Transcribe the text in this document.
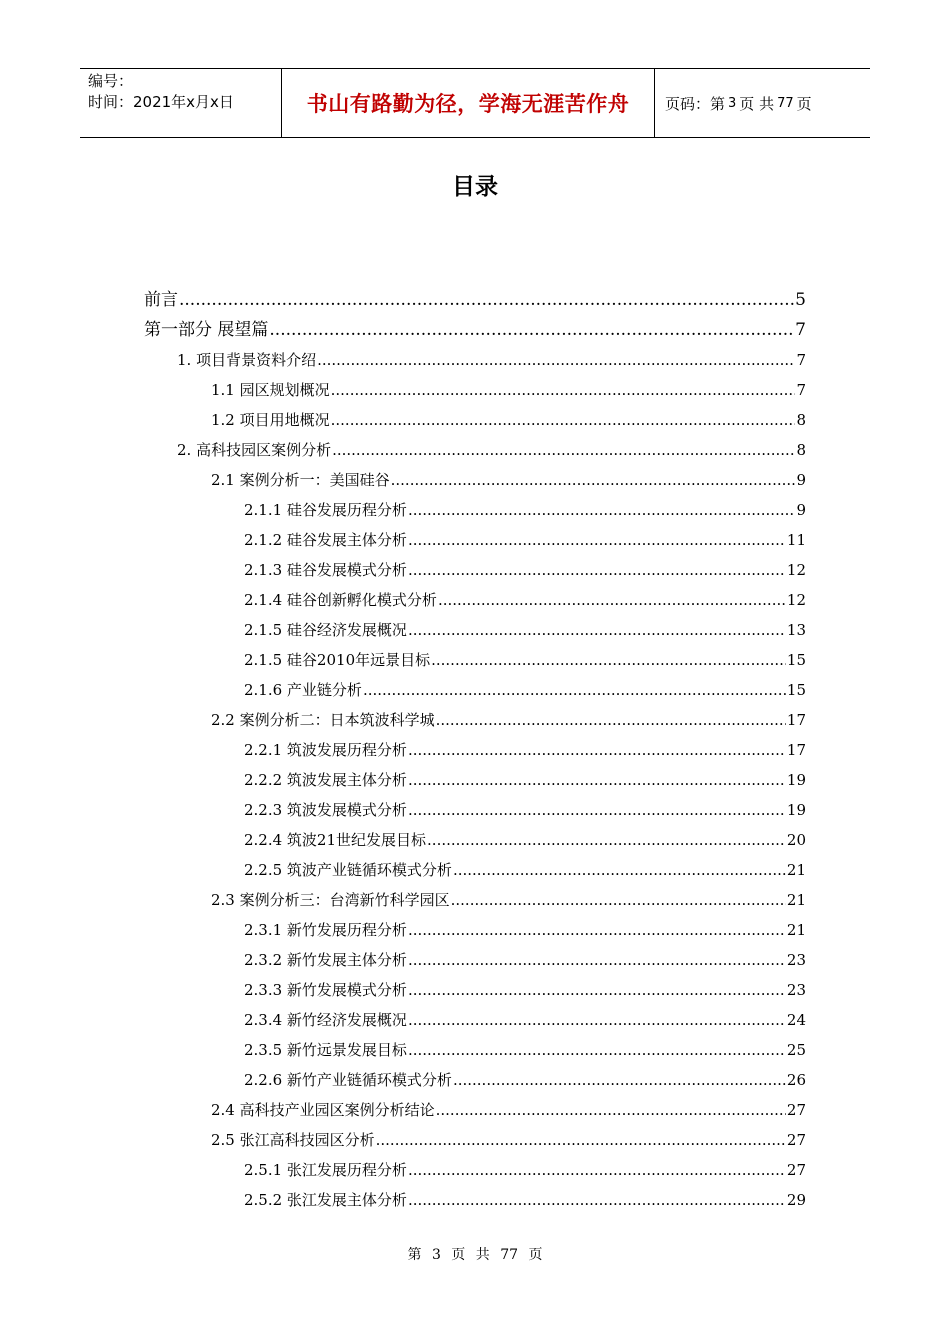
编号：
时间：2021年x月x日	书山有路勤为径，学海无涯苦作舟	页码：第 3 页 共 77 页
目录
前言 .....	5
第一部分 展望篇 .....	7
1. 项目背景资料介绍 .....	7
1.1 园区规划概况 .....	7
1.2 项目用地概况 .....	8
2. 高科技园区案例分析 .....	8
2.1 案例分析一：美国硅谷 .....	9
2.1.1 硅谷发展历程分析 .....	9
2.1.2 硅谷发展主体分析 .....	11
2.1.3 硅谷发展模式分析 .....	12
2.1.4 硅谷创新孵化模式分析 .....	12
2.1.5 硅谷经济发展概况 .....	13
2.1.5 硅谷2010年远景目标 .....	15
2.1.6 产业链分析 .....	15
2.2 案例分析二：日本筑波科学城 .....	17
2.2.1 筑波发展历程分析 .....	17
2.2.2 筑波发展主体分析 .....	19
2.2.3 筑波发展模式分析 .....	19
2.2.4 筑波21世纪发展目标 .....	20
2.2.5 筑波产业链循环模式分析 .....	21
2.3 案例分析三：台湾新竹科学园区 .....	21
2.3.1 新竹发展历程分析 .....	21
2.3.2 新竹发展主体分析 .....	23
2.3.3 新竹发展模式分析 .....	23
2.3.4 新竹经济发展概况 .....	24
2.3.5 新竹远景发展目标 .....	25
2.2.6 新竹产业链循环模式分析 .....	26
2.4 高科技产业园区案例分析结论 .....	27
2.5 张江高科技园区分析 .....	27
2.5.1 张江发展历程分析 .....	27
2.5.2 张江发展主体分析 .....	29
第 3 页 共 77 页
